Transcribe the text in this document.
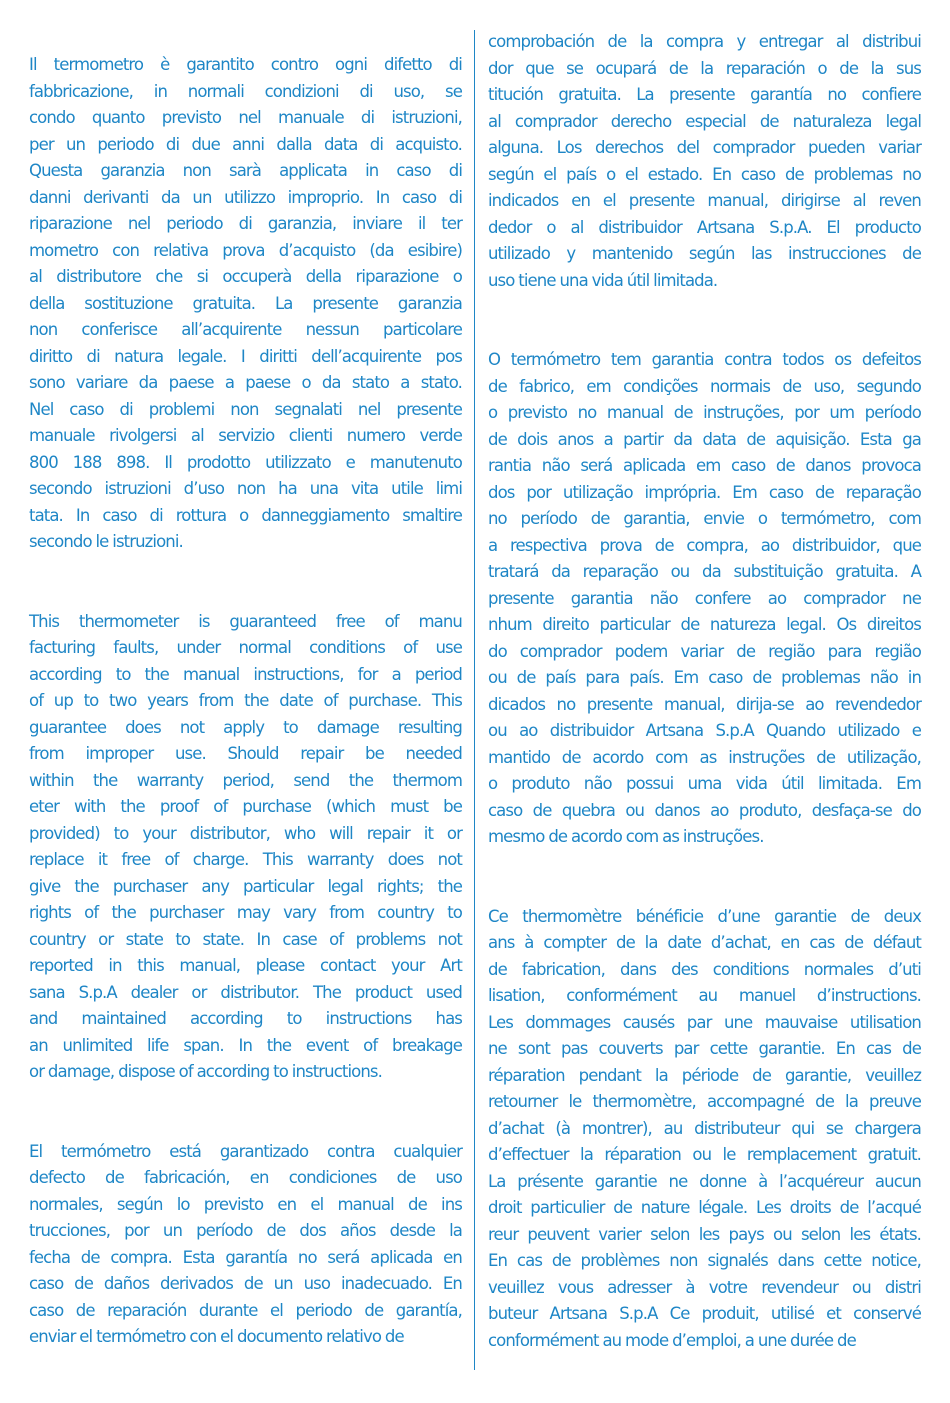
Il termometro è garantito contro ogni difetto di
fabbricazione, in normali condizioni di uso, se
condo quanto previsto nel manuale di istruzioni,
per un periodo di due anni dalla data di acquisto.
Questa garanzia non sarà applicata in caso di
danni derivanti da un utilizzo improprio. In caso di
riparazione nel periodo di garanzia, inviare il ter
mometro con relativa prova d’acquisto (da esibire)
al distributore che si occuperà della riparazione o
della sostituzione gratuita. La presente garanzia
non conferisce all’acquirente nessun particolare
diritto di natura legale. I diritti dell’acquirente pos
sono variare da paese a paese o da stato a stato.
Nel caso di problemi non segnalati nel presente
manuale rivolgersi al servizio clienti numero verde
800 188 898. Il prodotto utilizzato e manutenuto
secondo istruzioni d’uso non ha una vita utile limi
tata. In caso di rottura o danneggiamento smaltire
secondo le istruzioni.
This thermometer is guaranteed free of manu
facturing faults, under normal conditions of use
according to the manual instructions, for a period
of up to two years from the date of purchase. This
guarantee does not apply to damage resulting
from improper use. Should repair be needed
within the warranty period, send the thermom
eter with the proof of purchase (which must be
provided) to your distributor, who will repair it or
replace it free of charge. This warranty does not
give the purchaser any particular legal rights; the
rights of the purchaser may vary from country to
country or state to state. In case of problems not
reported in this manual, please contact your Art
sana S.p.A dealer or distributor. The product used
and maintained according to instructions has
an unlimited life span. In the event of breakage
or damage, dispose of according to instructions.
El termómetro está garantizado contra cualquier
defecto de fabricación, en condiciones de uso
normales, según lo previsto en el manual de ins
trucciones, por un período de dos años desde la
fecha de compra. Esta garantía no será aplicada en
caso de daños derivados de un uso inadecuado. En
caso de reparación durante el periodo de garantía,
enviar el termómetro con el documento relativo de
comprobación de la compra y entregar al distribui
dor que se ocupará de la reparación o de la sus
titución gratuita. La presente garantía no confiere
al comprador derecho especial de naturaleza legal
alguna. Los derechos del comprador pueden variar
según el país o el estado. En caso de problemas no
indicados en el presente manual, dirigirse al reven
dedor o al distribuidor Artsana S.p.A. El producto
utilizado y mantenido según las instrucciones de
uso tiene una vida útil limitada.
O termómetro tem garantia contra todos os defeitos
de fabrico, em condições normais de uso, segundo
o previsto no manual de instruções, por um período
de dois anos a partir da data de aquisição. Esta ga
rantia não será aplicada em caso de danos provoca
dos por utilização imprópria. Em caso de reparação
no período de garantia, envie o termómetro, com
a respectiva prova de compra, ao distribuidor, que
tratará da reparação ou da substituição gratuita. A
presente garantia não confere ao comprador ne
nhum direito particular de natureza legal. Os direitos
do comprador podem variar de região para região
ou de país para país. Em caso de problemas não in
dicados no presente manual, dirija-se ao revendedor
ou ao distribuidor Artsana S.p.A Quando utilizado e
mantido de acordo com as instruções de utilização,
o produto não possui uma vida útil limitada. Em
caso de quebra ou danos ao produto, desfaça-se do
mesmo de acordo com as instruções.
Ce thermomètre bénéficie d’une garantie de deux
ans à compter de la date d’achat, en cas de défaut
de fabrication, dans des conditions normales d’uti
lisation, conformément au manuel d’instructions.
Les dommages causés par une mauvaise utilisation
ne sont pas couverts par cette garantie. En cas de
réparation pendant la période de garantie, veuillez
retourner le thermomètre, accompagné de la preuve
d’achat (à montrer), au distributeur qui se chargera
d’effectuer la réparation ou le remplacement gratuit.
La présente garantie ne donne à l’acquéreur aucun
droit particulier de nature légale. Les droits de l’acqué
reur peuvent varier selon les pays ou selon les états.
En cas de problèmes non signalés dans cette notice,
veuillez vous adresser à votre revendeur ou distri
buteur Artsana S.p.A Ce produit, utilisé et conservé
conformément au mode d’emploi, a une durée de
